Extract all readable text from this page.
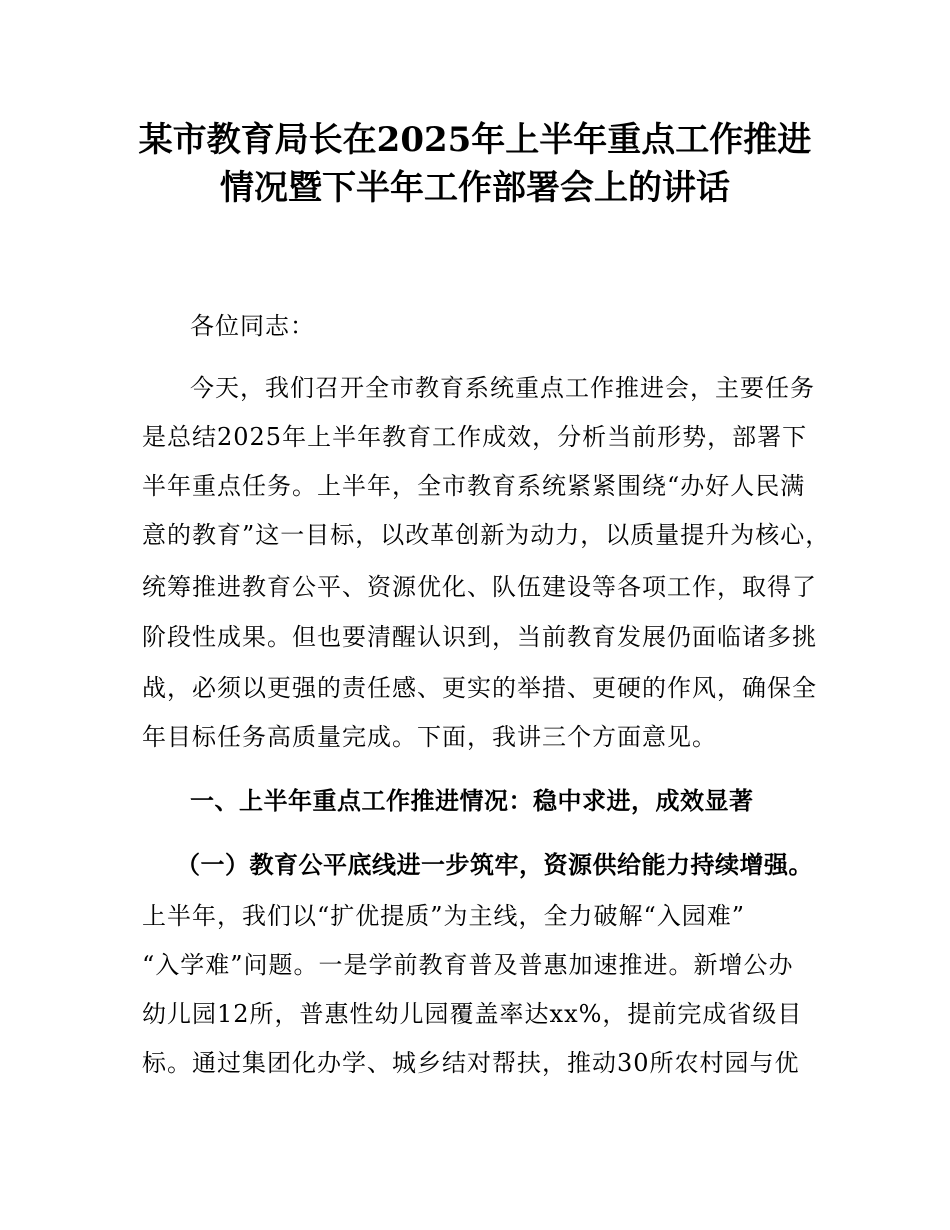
某市教育局长在2025年上半年重点工作推进
情况暨下半年工作部署会上的讲话
各位同志：
今天，我们召开全市教育系统重点工作推进会，主要任务
是总结2025年上半年教育工作成效，分析当前形势，部署下
半年重点任务。上半年，全市教育系统紧紧围绕“办好人民满
意的教育”这一目标，以改革创新为动力，以质量提升为核心，
统筹推进教育公平、资源优化、队伍建设等各项工作，取得了
阶段性成果。但也要清醒认识到，当前教育发展仍面临诸多挑
战，必须以更强的责任感、更实的举措、更硬的作风，确保全
年目标任务高质量完成。下面，我讲三个方面意见。
一、上半年重点工作推进情况：稳中求进，成效显著
（一）教育公平底线进一步筑牢，资源供给能力持续增强。
上半年，我们以“扩优提质”为主线，全力破解“入园难”
“入学难”问题。一是学前教育普及普惠加速推进。新增公办
幼儿园12所，普惠性幼儿园覆盖率达xx%，提前完成省级目
标。通过集团化办学、城乡结对帮扶，推动30所农村园与优
